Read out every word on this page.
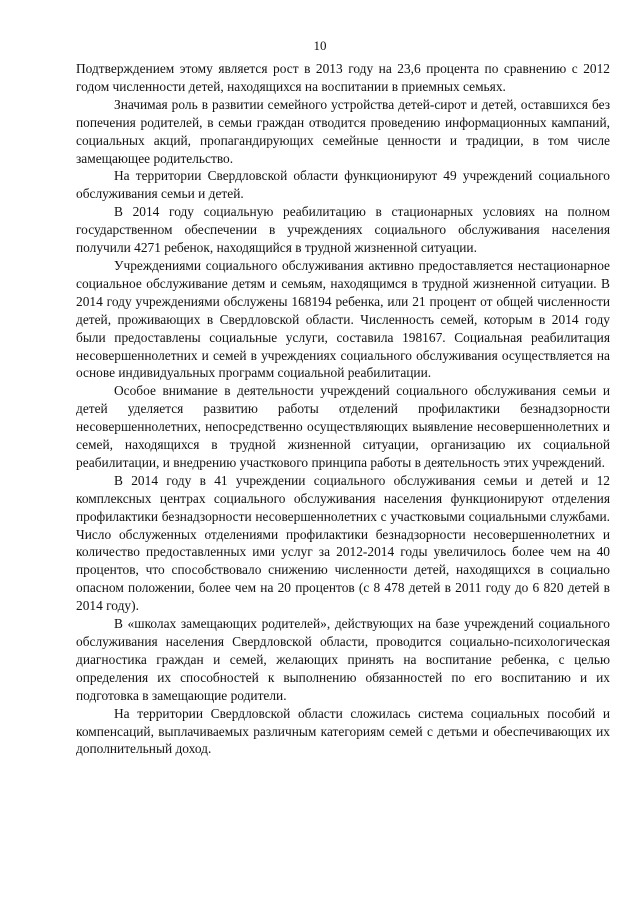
10

Подтверждением этому является рост в 2013 году на 23,6 процента по сравнению с 2012 годом численности детей, находящихся на воспитании в приемных семьях.

Значимая роль в развитии семейного устройства детей-сирот и детей, оставшихся без попечения родителей, в семьи граждан отводится проведению информационных кампаний, социальных акций, пропагандирующих семейные ценности и традиции, в том числе замещающее родительство.

На территории Свердловской области функционируют 49 учреждений социального обслуживания семьи и детей.

В 2014 году социальную реабилитацию в стационарных условиях на полном государственном обеспечении в учреждениях социального обслуживания населения получили 4271 ребенок, находящийся в трудной жизненной ситуации.

Учреждениями социального обслуживания активно предоставляется нестационарное социальное обслуживание детям и семьям, находящимся в трудной жизненной ситуации. В 2014 году учреждениями обслужены 168194 ребенка, или 21 процент от общей численности детей, проживающих в Свердловской области. Численность семей, которым в 2014 году были предоставлены социальные услуги, составила 198167. Социальная реабилитация несовершеннолетних и семей в учреждениях социального обслуживания осуществляется на основе индивидуальных программ социальной реабилитации.

Особое внимание в деятельности учреждений социального обслуживания семьи и детей уделяется развитию работы отделений профилактики безнадзорности несовершеннолетних, непосредственно осуществляющих выявление несовершеннолетних и семей, находящихся в трудной жизненной ситуации, организацию их социальной реабилитации, и внедрению участкового принципа работы в деятельность этих учреждений.

В 2014 году в 41 учреждении социального обслуживания семьи и детей и 12 комплексных центрах социального обслуживания населения функционируют отделения профилактики безнадзорности несовершеннолетних с участковыми социальными службами. Число обслуженных отделениями профилактики безнадзорности несовершеннолетних и количество предоставленных ими услуг за 2012-2014 годы увеличилось более чем на 40 процентов, что способствовало снижению численности детей, находящихся в социально опасном положении, более чем на 20 процентов (с 8 478 детей в 2011 году до 6 820 детей в 2014 году).

В «школах замещающих родителей», действующих на базе учреждений социального обслуживания населения Свердловской области, проводится социально-психологическая диагностика граждан и семей, желающих принять на воспитание ребенка, с целью определения их способностей к выполнению обязанностей по его воспитанию и их подготовка в замещающие родители.

На территории Свердловской области сложилась система социальных пособий и компенсаций, выплачиваемых различным категориям семей с детьми и обеспечивающих их дополнительный доход.
